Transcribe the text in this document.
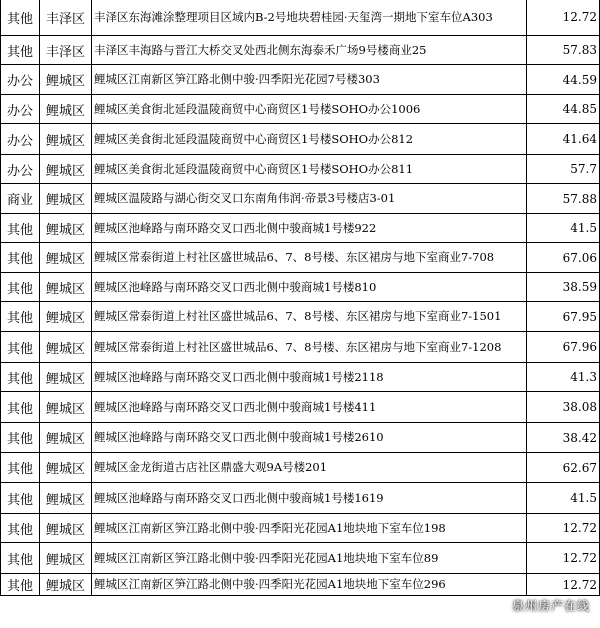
其他	丰泽区	丰泽区东海滩涂整理项目区域内B-2号地块碧桂园·天玺湾一期地下室车位A303	12.72
其他	丰泽区	丰泽区丰海路与晋江大桥交叉处西北侧东海泰禾广场9号楼商业25	57.83
办公	鲤城区	鲤城区江南新区笋江路北侧中骏·四季阳光花园7号楼303	44.59
办公	鲤城区	鲤城区美食街北延段温陵商贸中心商贸区1号楼SOHO办公1006	44.85
办公	鲤城区	鲤城区美食街北延段温陵商贸中心商贸区1号楼SOHO办公812	41.64
办公	鲤城区	鲤城区美食街北延段温陵商贸中心商贸区1号楼SOHO办公811	57.7
商业	鲤城区	鲤城区温陵路与湖心街交叉口东南角伟润·帝景3号楼店3-01	57.88
其他	鲤城区	鲤城区池峰路与南环路交叉口西北侧中骏商城1号楼922	41.5
其他	鲤城区	鲤城区常泰街道上村社区盛世城品6、7、8号楼、东区裙房与地下室商业7-708	67.06
其他	鲤城区	鲤城区池峰路与南环路交叉口西北侧中骏商城1号楼810	38.59
其他	鲤城区	鲤城区常泰街道上村社区盛世城品6、7、8号楼、东区裙房与地下室商业7-1501	67.95
其他	鲤城区	鲤城区常泰街道上村社区盛世城品6、7、8号楼、东区裙房与地下室商业7-1208	67.96
其他	鲤城区	鲤城区池峰路与南环路交叉口西北侧中骏商城1号楼2118	41.3
其他	鲤城区	鲤城区池峰路与南环路交叉口西北侧中骏商城1号楼411	38.08
其他	鲤城区	鲤城区池峰路与南环路交叉口西北侧中骏商城1号楼2610	38.42
其他	鲤城区	鲤城区金龙街道古店社区鼎盛大观9A号楼201	62.67
其他	鲤城区	鲤城区池峰路与南环路交叉口西北侧中骏商城1号楼1619	41.5
其他	鲤城区	鲤城区江南新区笋江路北侧中骏·四季阳光花园A1地块地下室车位198	12.72
其他	鲤城区	鲤城区江南新区笋江路北侧中骏·四季阳光花园A1地块地下室车位89	12.72
其他	鲤城区	鲤城区江南新区笋江路北侧中骏·四季阳光花园A1地块地下室车位296	12.72
泉州房产在线
